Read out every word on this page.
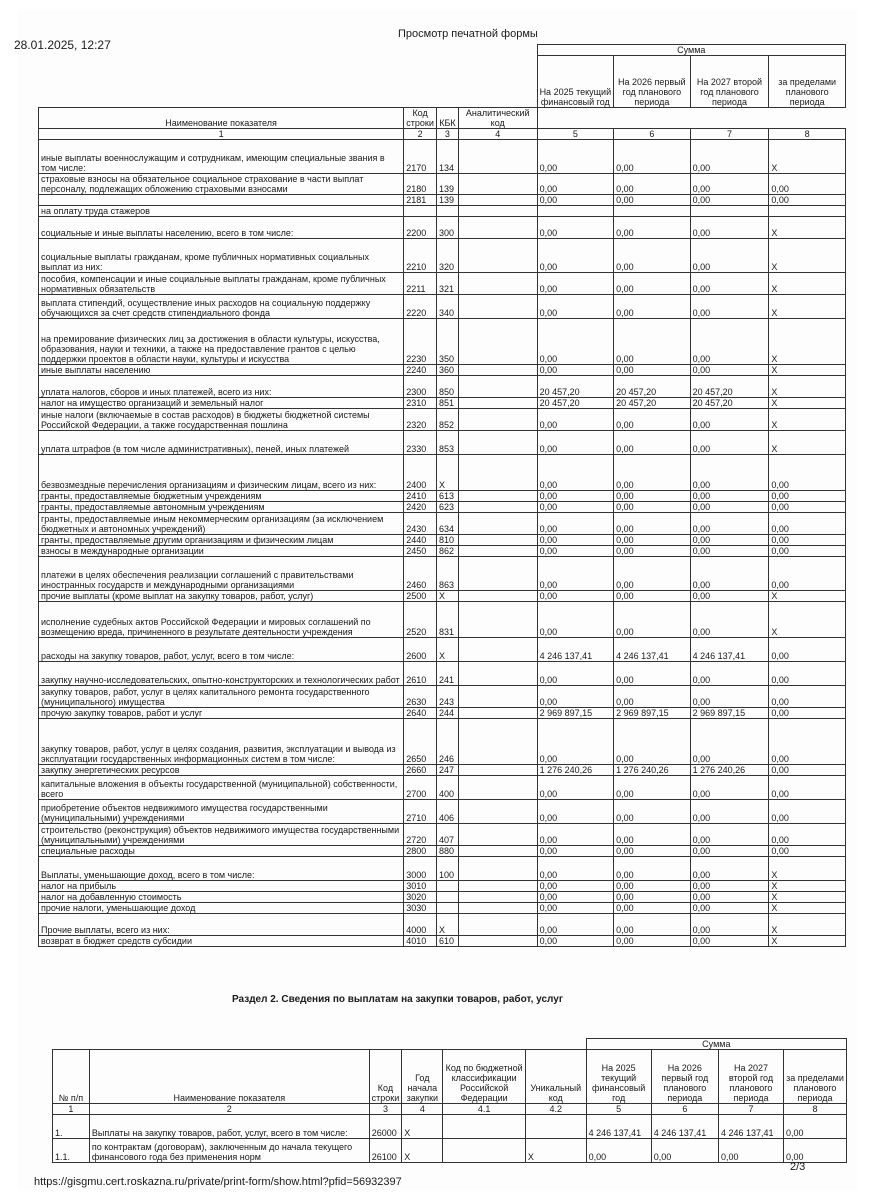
28.01.2025, 12:27
Просмотр печатной формы
				Сумма			
				На 2025 текущий финансовый год	На 2026 первый год планового периода	На 2027 второй год планового периода	за пределами планового периода
Наименование показателя	Код строки	КБК	Аналитический код				
1	2	3	4	5	6	7	8
иные выплаты военнослужащим и сотрудникам, имеющим специальные звания в том числе:	2170	134		0,00	0,00	0,00	X
страховые взносы на обязательное социальное страхование в части выплат персоналу, подлежащих обложению страховыми взносами	2180	139		0,00	0,00	0,00	0,00
	2181	139		0,00	0,00	0,00	0,00
на оплату труда стажеров							
социальные и иные выплаты населению, всего в том числе:	2200	300		0,00	0,00	0,00	X
социальные выплаты гражданам, кроме публичных нормативных социальных выплат из них:	2210	320		0,00	0,00	0,00	X
пособия, компенсации и иные социальные выплаты гражданам, кроме публичных нормативных обязательств	2211	321		0,00	0,00	0,00	X
выплата стипендий, осуществление иных расходов на социальную поддержку обучающихся за счет средств стипендиального фонда	2220	340		0,00	0,00	0,00	X
на премирование физических лиц за достижения в области культуры, искусства, образования, науки и техники, а также на предоставление грантов с целью поддержки проектов в области науки, культуры и искусства	2230	350		0,00	0,00	0,00	X
иные выплаты населению	2240	360		0,00	0,00	0,00	X
уплата налогов, сборов и иных платежей, всего из них:	2300	850		20 457,20	20 457,20	20 457,20	X
налог на имущество организаций и земельный налог	2310	851		20 457,20	20 457,20	20 457,20	X
иные налоги (включаемые в состав расходов) в бюджеты бюджетной системы Российской Федерации, а также государственная пошлина	2320	852		0,00	0,00	0,00	X
уплата штрафов (в том числе административных), пеней, иных платежей	2330	853		0,00	0,00	0,00	X
безвозмездные перечисления организациям и физическим лицам, всего из них:	2400	X		0,00	0,00	0,00	0,00
гранты, предоставляемые бюджетным учреждениям	2410	613		0,00	0,00	0,00	0,00
гранты, предоставляемые автономным учреждениям	2420	623		0,00	0,00	0,00	0,00
гранты, предоставляемые иным некоммерческим организациям (за исключением бюджетных и автономных учреждений)	2430	634		0,00	0,00	0,00	0,00
гранты, предоставляемые другим организациям и физическим лицам	2440	810		0,00	0,00	0,00	0,00
взносы в международные организации	2450	862		0,00	0,00	0,00	0,00
платежи в целях обеспечения реализации соглашений с правительствами иностранных государств и международными организациями	2460	863		0,00	0,00	0,00	0,00
прочие выплаты (кроме выплат на закупку товаров, работ, услуг)	2500	X		0,00	0,00	0,00	X
исполнение судебных актов Российской Федерации и мировых соглашений по возмещению вреда, причиненного в результате деятельности учреждения	2520	831		0,00	0,00	0,00	X
расходы на закупку товаров, работ, услуг, всего в том числе:	2600	X		4 246 137,41	4 246 137,41	4 246 137,41	0,00
закупку научно-исследовательских, опытно-конструкторских и технологических работ	2610	241		0,00	0,00	0,00	0,00
закупку товаров, работ, услуг в целях капитального ремонта государственного (муниципального) имущества	2630	243		0,00	0,00	0,00	0,00
прочую закупку товаров, работ и услуг	2640	244		2 969 897,15	2 969 897,15	2 969 897,15	0,00
закупку товаров, работ, услуг в целях создания, развития, эксплуатации и вывода из эксплуатации государственных информационных систем в том числе:	2650	246		0,00	0,00	0,00	0,00
закупку энергетических ресурсов	2660	247		1 276 240,26	1 276 240,26	1 276 240,26	0,00
капитальные вложения в объекты государственной (муниципальной) собственности, всего	2700	400		0,00	0,00	0,00	0,00
приобретение объектов недвижимого имущества государственными (муниципальными) учреждениями	2710	406		0,00	0,00	0,00	0,00
строительство (реконструкция) объектов недвижимого имущества государственными (муниципальными) учреждениями	2720	407		0,00	0,00	0,00	0,00
специальные расходы	2800	880		0,00	0,00	0,00	0,00
Выплаты, уменьшающие доход, всего в том числе:	3000	100		0,00	0,00	0,00	X
налог на прибыль	3010			0,00	0,00	0,00	X
налог на добавленную стоимость	3020			0,00	0,00	0,00	X
прочие налоги, уменьшающие доход	3030			0,00	0,00	0,00	X
Прочие выплаты, всего из них:	4000	X		0,00	0,00	0,00	X
возврат в бюджет средств субсидии	4010	610		0,00	0,00	0,00	X
Раздел 2. Сведения по выплатам на закупки товаров, работ, услуг
						Сумма			
№ п/п	Наименование показателя	Код строки	Год начала закупки	Код по бюджетной классификации Российской Федерации	Уникальный код	На 2025 текущий финансовый год	На 2026 первый год планового периода	На 2027 второй год планового периода	за пределами планового периода
1	2	3	4	4.1	4.2	5	6	7	8
1.	Выплаты на закупку товаров, работ, услуг, всего в том числе:	26000	X			4 246 137,41	4 246 137,41	4 246 137,41	0,00
1.1.	по контрактам (договорам), заключенным до начала текущего финансового года без применения норм	26100	X		X	0,00	0,00	0,00	0,00
https://gisgmu.cert.roskazna.ru/private/print-form/show.html?pfid=56932397
2/3
